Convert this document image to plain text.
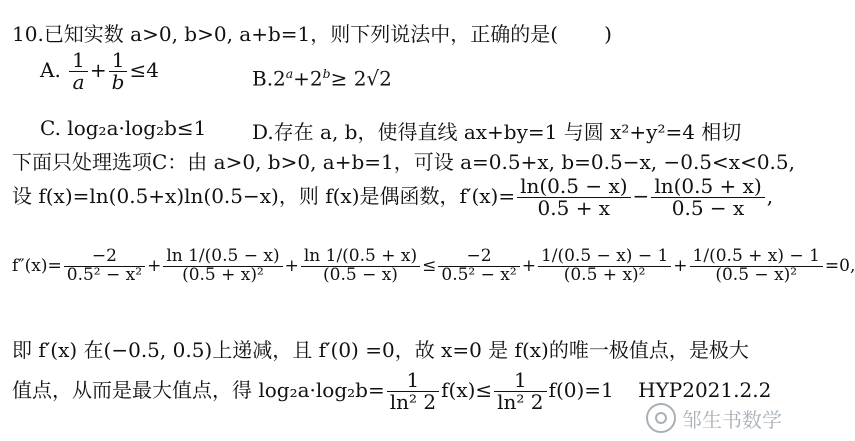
10.已知实数 a>0, b>0, a+b=1，则下列说法中，正确的是( )
A. $\frac{1}{a} + \frac{1}{b} \le 4$	$B.2^a+2^b\ge 2√2$
C. log₂a·log₂b≤1 D.存在 a, b，使得直线 ax+by=1 与圆 x²+y²=4 相切
下面只处理选项C：由 a>0, b>0, a+b=1，可设 a=0.5+x, b=0.5−x, −0.5<x<0.5,
设 f(x)=ln(0.5+x)ln(0.5−x)，则 f(x)是偶函数，$f'(x)= \frac{\ln(0.5 - x)}{0.5 + x} - \frac{\ln(0.5 + x)}{0.5 - x}$ ,
$f''(x)= \frac{-2}{\text{0.5² − x²}} + \frac{\ln 1/(0.5 - x)}{\text{(0.5 + x)²}} + \frac{\ln 1/(0.5 + x)}{(0.5 - x)} \le \frac{-2}{\text{0.5² − x²}} + \frac{1/(0.5 - x) - 1}{\text{(0.5 + x)²}} + \frac{1/(0.5 + x) - 1}{\text{(0.5 − x)²}} =0$,
即 f′(x) 在(−0.5, 0.5)上递减，且 f′(0) =0，故 x=0 是 f(x)的唯一极值点，是极大
值点，从而是最大值点，得 $\log_2a\cdot\log_2b= \frac{1}{\text{ln² 2}} f(x)\le \frac{1}{\text{ln² 2}} f(0)=1$ HYP2021.2.2
邹生书数学
